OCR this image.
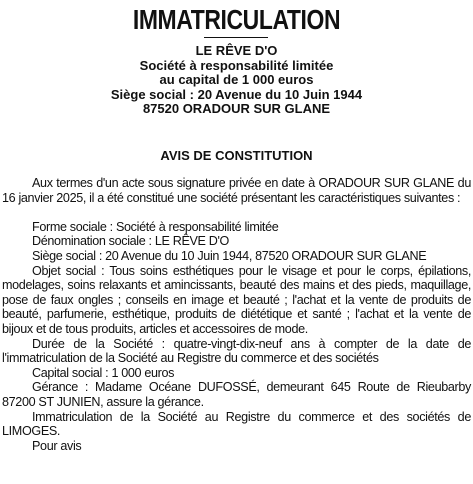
IMMATRICULATION
LE RÊVE D'O
Société à responsabilité limitée
au capital de 1 000 euros
Siège social : 20 Avenue du 10 Juin 1944
87520 ORADOUR SUR GLANE
AVIS DE CONSTITUTION

Aux termes d'un acte sous signature privée en date à ORADOUR SUR GLANE du 16 janvier 2025, il a été constitué une société présentant les caractéristiques suivantes :

Forme sociale : Société à responsabilité limitée

Dénomination sociale : LE RÊVE D'O

Siège social : 20 Avenue du 10 Juin 1944, 87520 ORADOUR SUR GLANE

Objet social : Tous soins esthétiques pour le visage et pour le corps, épilations, modelages, soins relaxants et amincissants, beauté des mains et des pieds, maquillage, pose de faux ongles ; conseils en image et beauté ; l'achat et la vente de produits de beauté, parfumerie, esthétique, produits de diététique et santé ; l'achat et la vente de bijoux et de tous produits, articles et accessoires de mode.

Durée de la Société : quatre-vingt-dix-neuf ans à compter de la date de l'immatriculation de la Société au Registre du commerce et des sociétés

Capital social : 1 000 euros

Gérance : Madame Océane DUFOSSÉ, demeurant 645 Route de Rieubarby 87200 ST JUNIEN, assure la gérance.

Immatriculation de la Société au Registre du commerce et des sociétés de LIMOGES.

Pour avis
